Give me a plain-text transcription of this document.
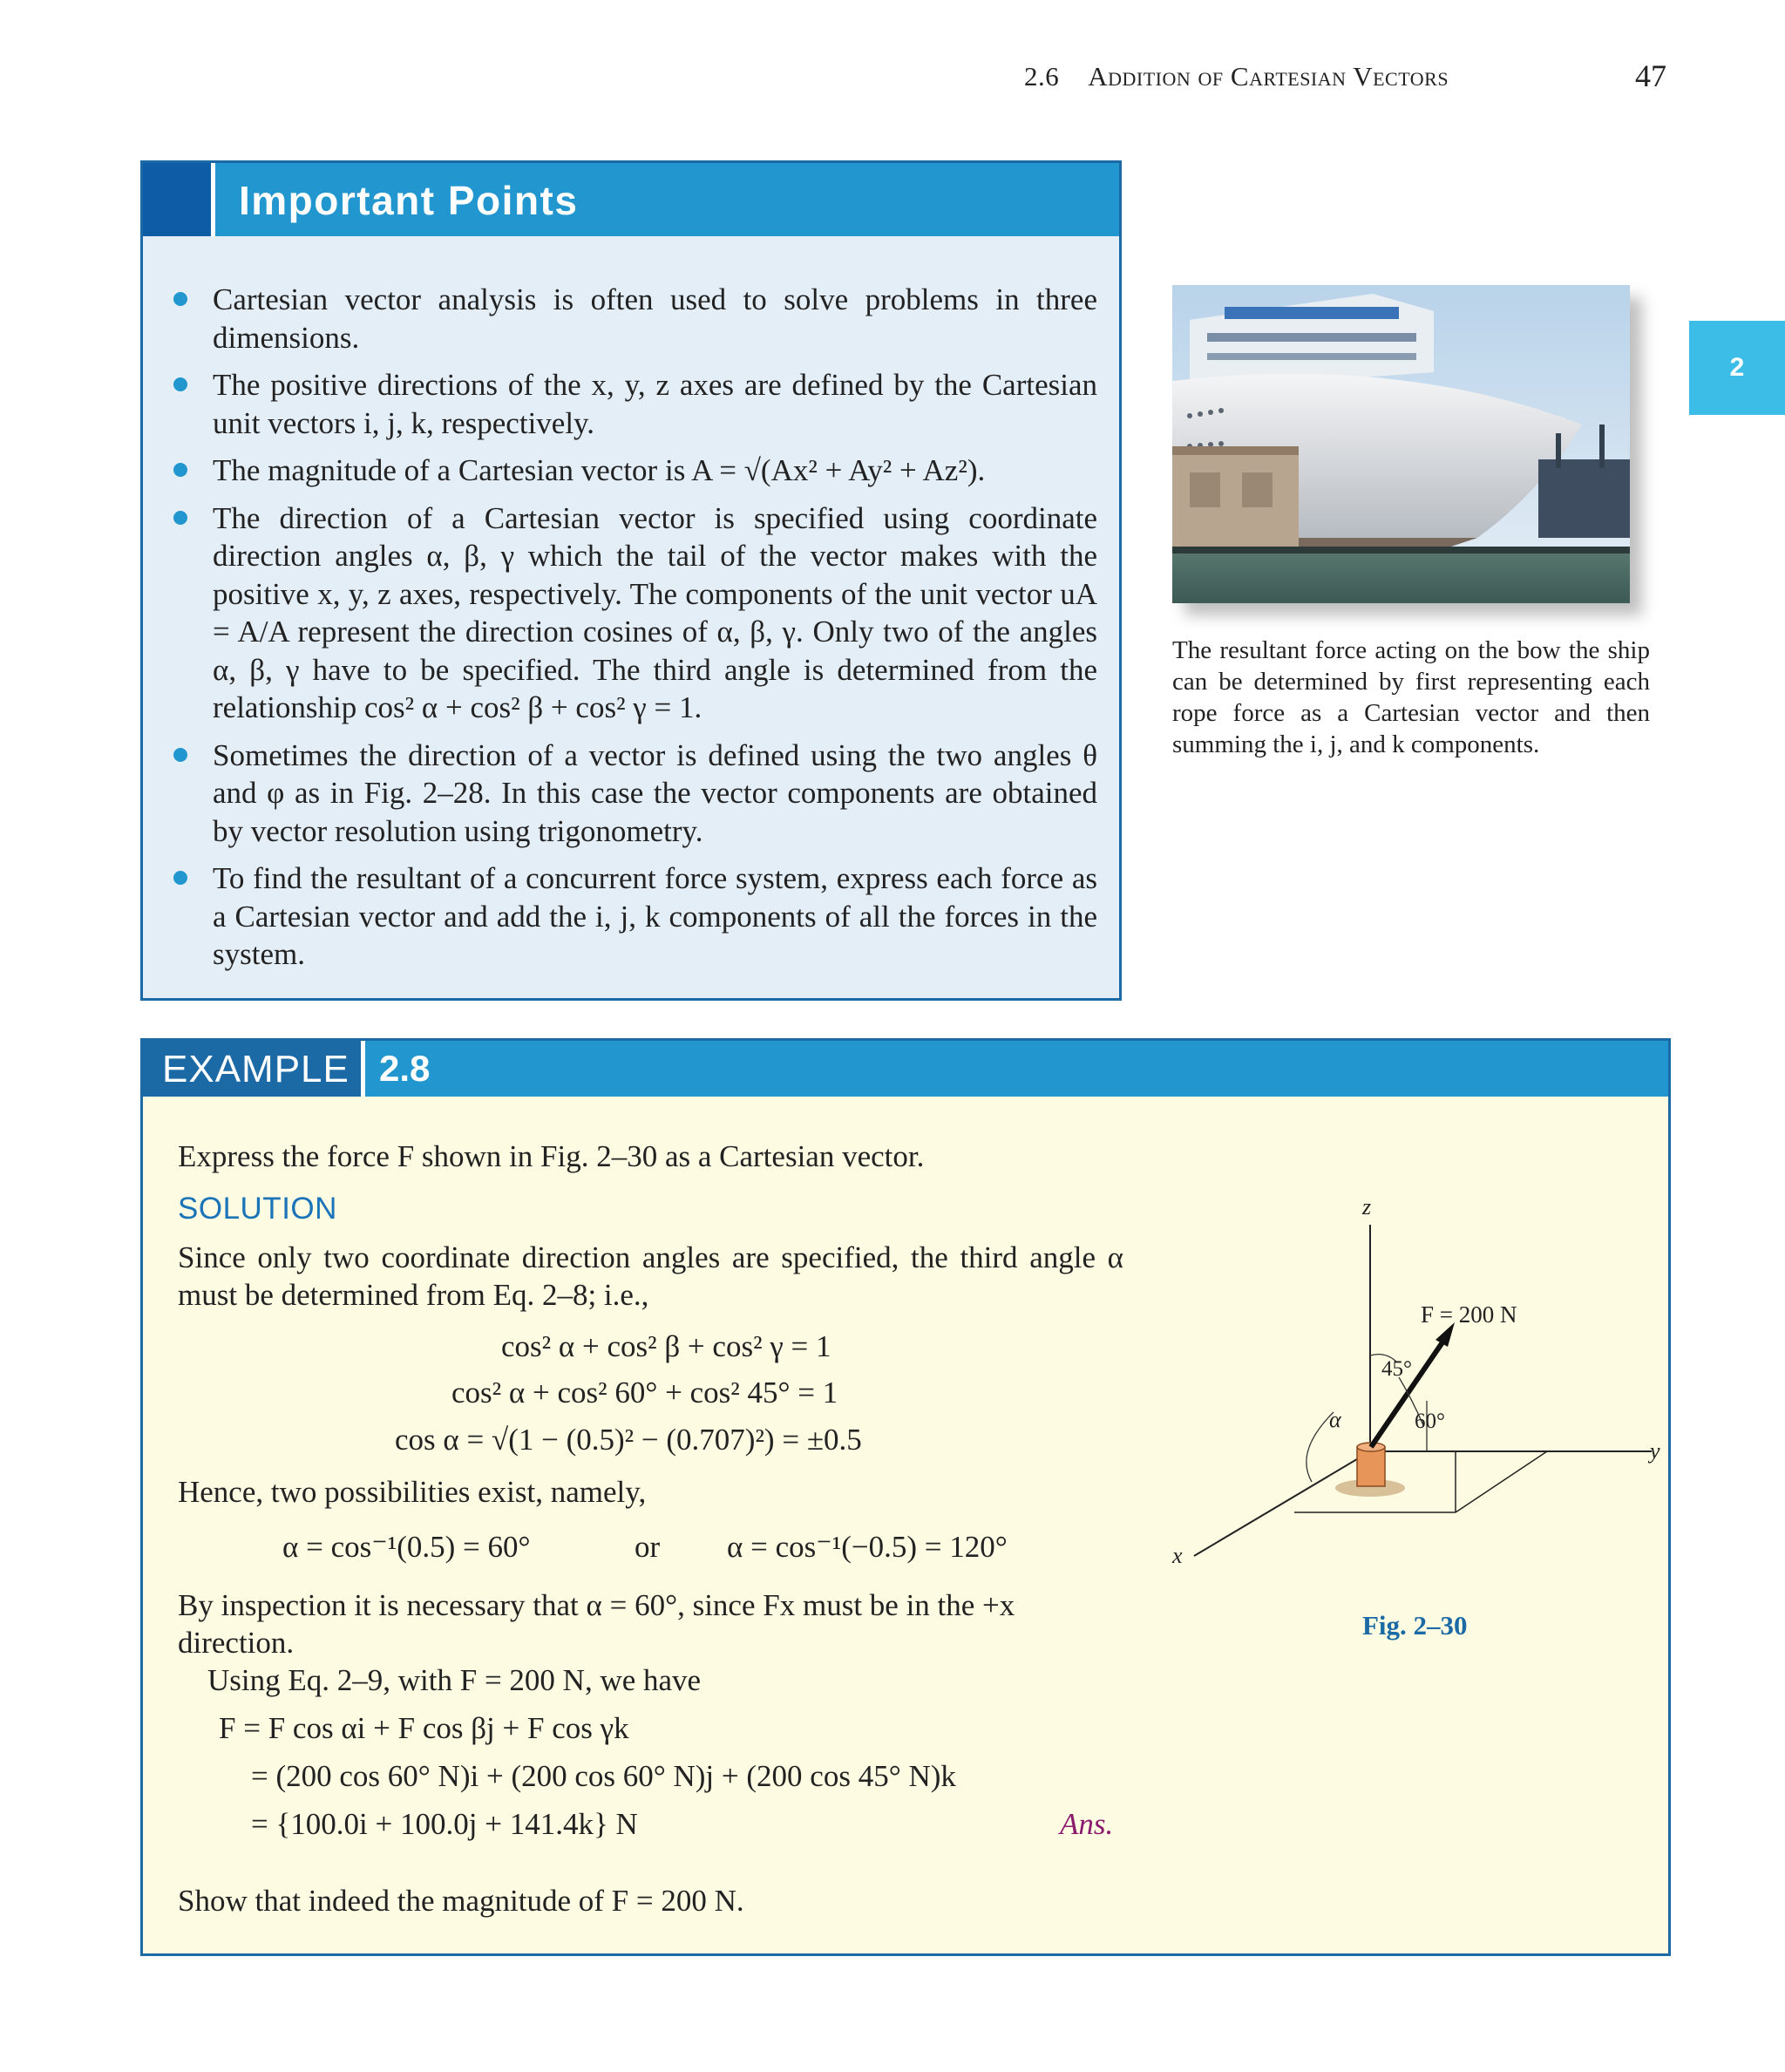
2.6 Addition of Cartesian Vectors	47
2
Important Points
Cartesian vector analysis is often used to solve problems in three dimensions.
The positive directions of the x, y, z axes are defined by the Cartesian unit vectors i, j, k, respectively.
The magnitude of a Cartesian vector is A = √(Ax² + Ay² + Az²).
The direction of a Cartesian vector is specified using coordinate direction angles α, β, γ which the tail of the vector makes with the positive x, y, z axes, respectively. The components of the unit vector uA = A/A represent the direction cosines of α, β, γ. Only two of the angles α, β, γ have to be specified. The third angle is determined from the relationship cos² α + cos² β + cos² γ = 1.
Sometimes the direction of a vector is defined using the two angles θ and φ as in Fig. 2–28. In this case the vector components are obtained by vector resolution using trigonometry.
To find the resultant of a concurrent force system, express each force as a Cartesian vector and add the i, j, k components of all the forces in the system.
The resultant force acting on the bow the ship can be determined by first representing each rope force as a Cartesian vector and then summing the i, j, and k components.
EXAMPLE 2.8
Express the force F shown in Fig. 2–30 as a Cartesian vector.
SOLUTION
Since only two coordinate direction angles are specified, the third angle α must be determined from Eq. 2–8; i.e.,
cos² α + cos² β + cos² γ = 1
cos² α + cos² 60° + cos² 45° = 1
cos α = √(1 − (0.5)² − (0.707)²) = ±0.5
Hence, two possibilities exist, namely,
α = cos⁻¹(0.5) = 60°	or α = cos⁻¹(−0.5) = 120°
By inspection it is necessary that α = 60°, since Fx must be in the +x direction.
Using Eq. 2–9, with F = 200 N, we have
F = F cos αi + F cos βj + F cos γk
= (200 cos 60° N)i + (200 cos 60° N)j + (200 cos 45° N)k
= {100.0i + 100.0j + 141.4k} N	Ans.
Show that indeed the magnitude of F = 200 N.
z
y
x
F = 200 N
45°
60°
α
Fig. 2–30
